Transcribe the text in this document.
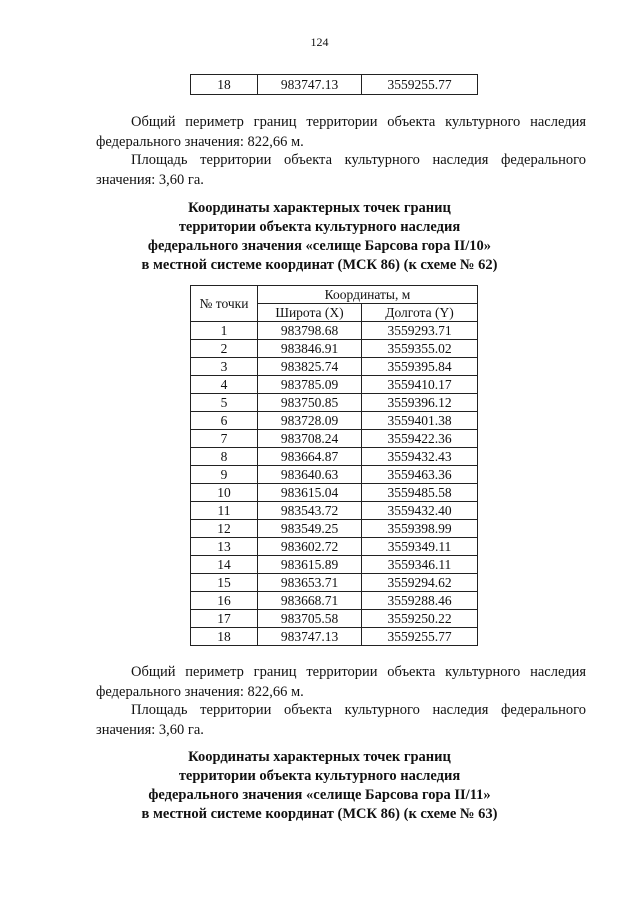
124
18	983747.13	3559255.77
Общий периметр границ территории объекта культурного наследия
федерального значения: 822,66 м.
Площадь территории объекта культурного наследия федерального
значения: 3,60 га.
Координаты характерных точек границ
территории объекта культурного наследия
федерального значения «селище Барсова гора II/10»
в местной системе координат (МСК 86) (к схеме № 62)
№ точки	Координаты, м	
	Широта (X)	Долгота (Y)
1	983798.68	3559293.71
2	983846.91	3559355.02
3	983825.74	3559395.84
4	983785.09	3559410.17
5	983750.85	3559396.12
6	983728.09	3559401.38
7	983708.24	3559422.36
8	983664.87	3559432.43
9	983640.63	3559463.36
10	983615.04	3559485.58
11	983543.72	3559432.40
12	983549.25	3559398.99
13	983602.72	3559349.11
14	983615.89	3559346.11
15	983653.71	3559294.62
16	983668.71	3559288.46
17	983705.58	3559250.22
18	983747.13	3559255.77
Общий периметр границ территории объекта культурного наследия
федерального значения: 822,66 м.
Площадь территории объекта культурного наследия федерального
значения: 3,60 га.
Координаты характерных точек границ
территории объекта культурного наследия
федерального значения «селище Барсова гора II/11»
в местной системе координат (МСК 86) (к схеме № 63)
